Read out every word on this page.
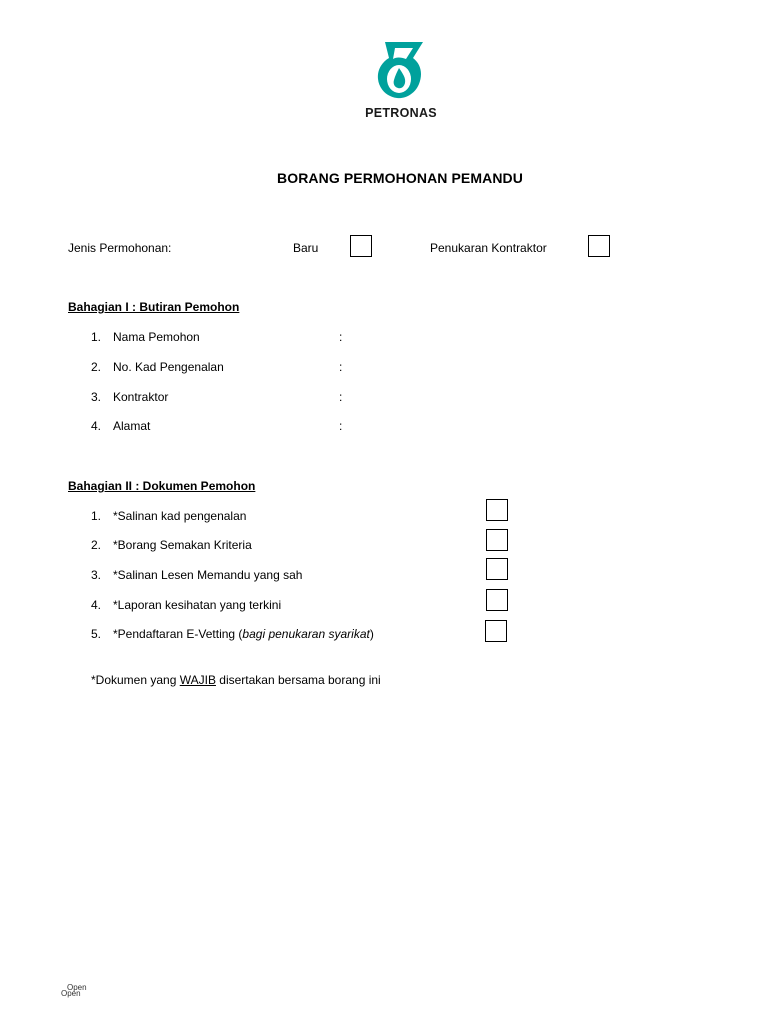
PETRONAS
BORANG PERMOHONAN PEMANDU
Jenis Permohonan:	Baru	Penukaran Kontraktor
Bahagian I : Butiran Pemohon
1. Nama Pemohon	:
2. No. Kad Pengenalan	:
3. Kontraktor	:
4. Alamat	:
Bahagian II : Dokumen Pemohon
1. *Salinan kad pengenalan
2. *Borang Semakan Kriteria
3. *Salinan Lesen Memandu yang sah
4. *Laporan kesihatan yang terkini
5. *Pendaftaran E-Vetting (bagi penukaran syarikat)
*Dokumen yang WAJIB disertakan bersama borang ini
Open
Open
